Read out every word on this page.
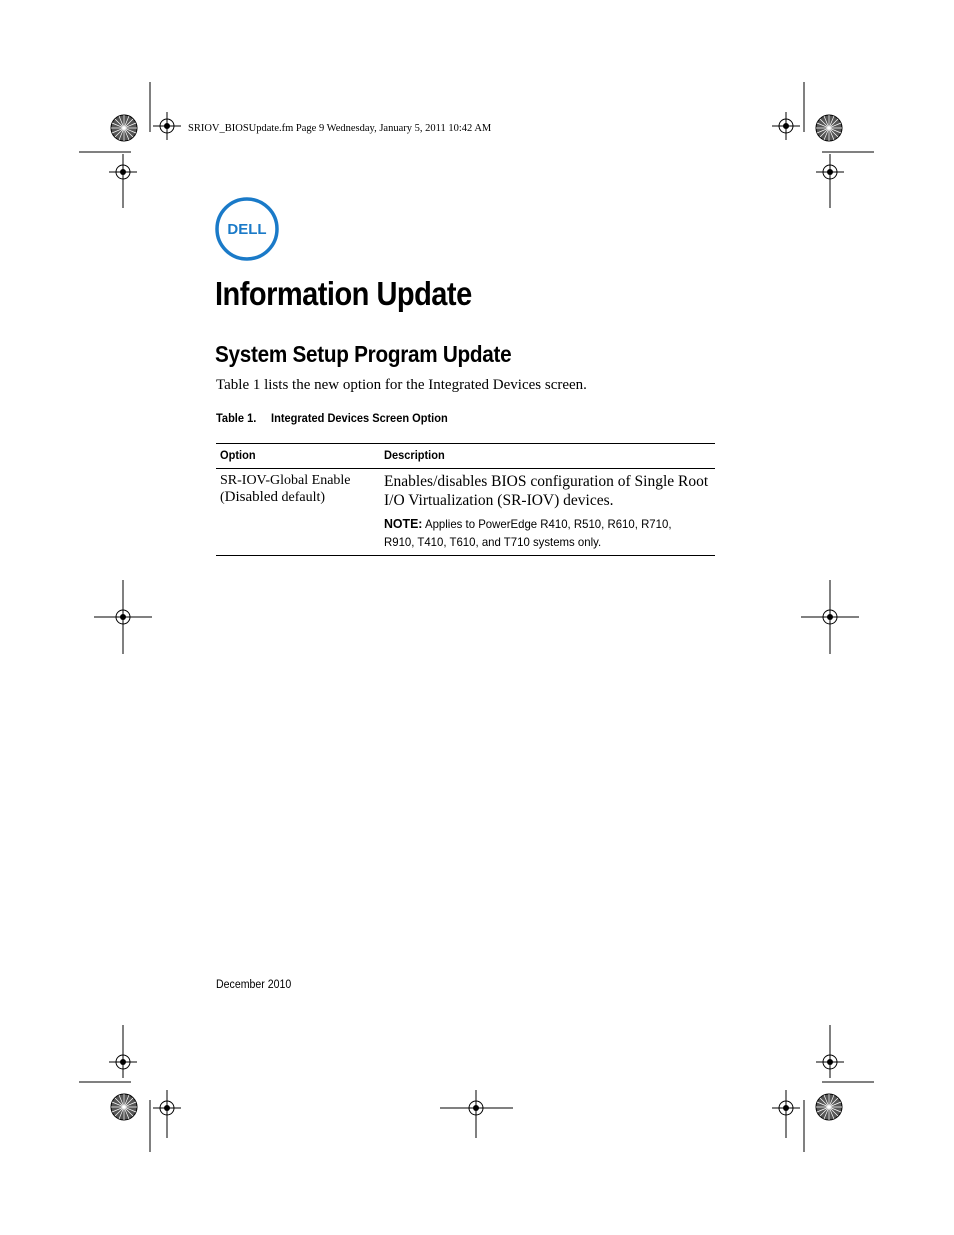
SRIOV_BIOSUpdate.fm Page 9 Wednesday, January 5, 2011 10:42 AM
DELL
Information Update
System Setup Program Update
Table 1 lists the new option for the Integrated Devices screen.
Table 1. Integrated Devices Screen Option
Option	Description
SR-IOV-Global Enable
(Disabled default)
Enables/disables BIOS configuration of Single Root I/O Virtualization (SR-IOV) devices.
NOTE: Applies to PowerEdge R410, R510, R610, R710, R910, T410, T610, and T710 systems only.
December 2010
